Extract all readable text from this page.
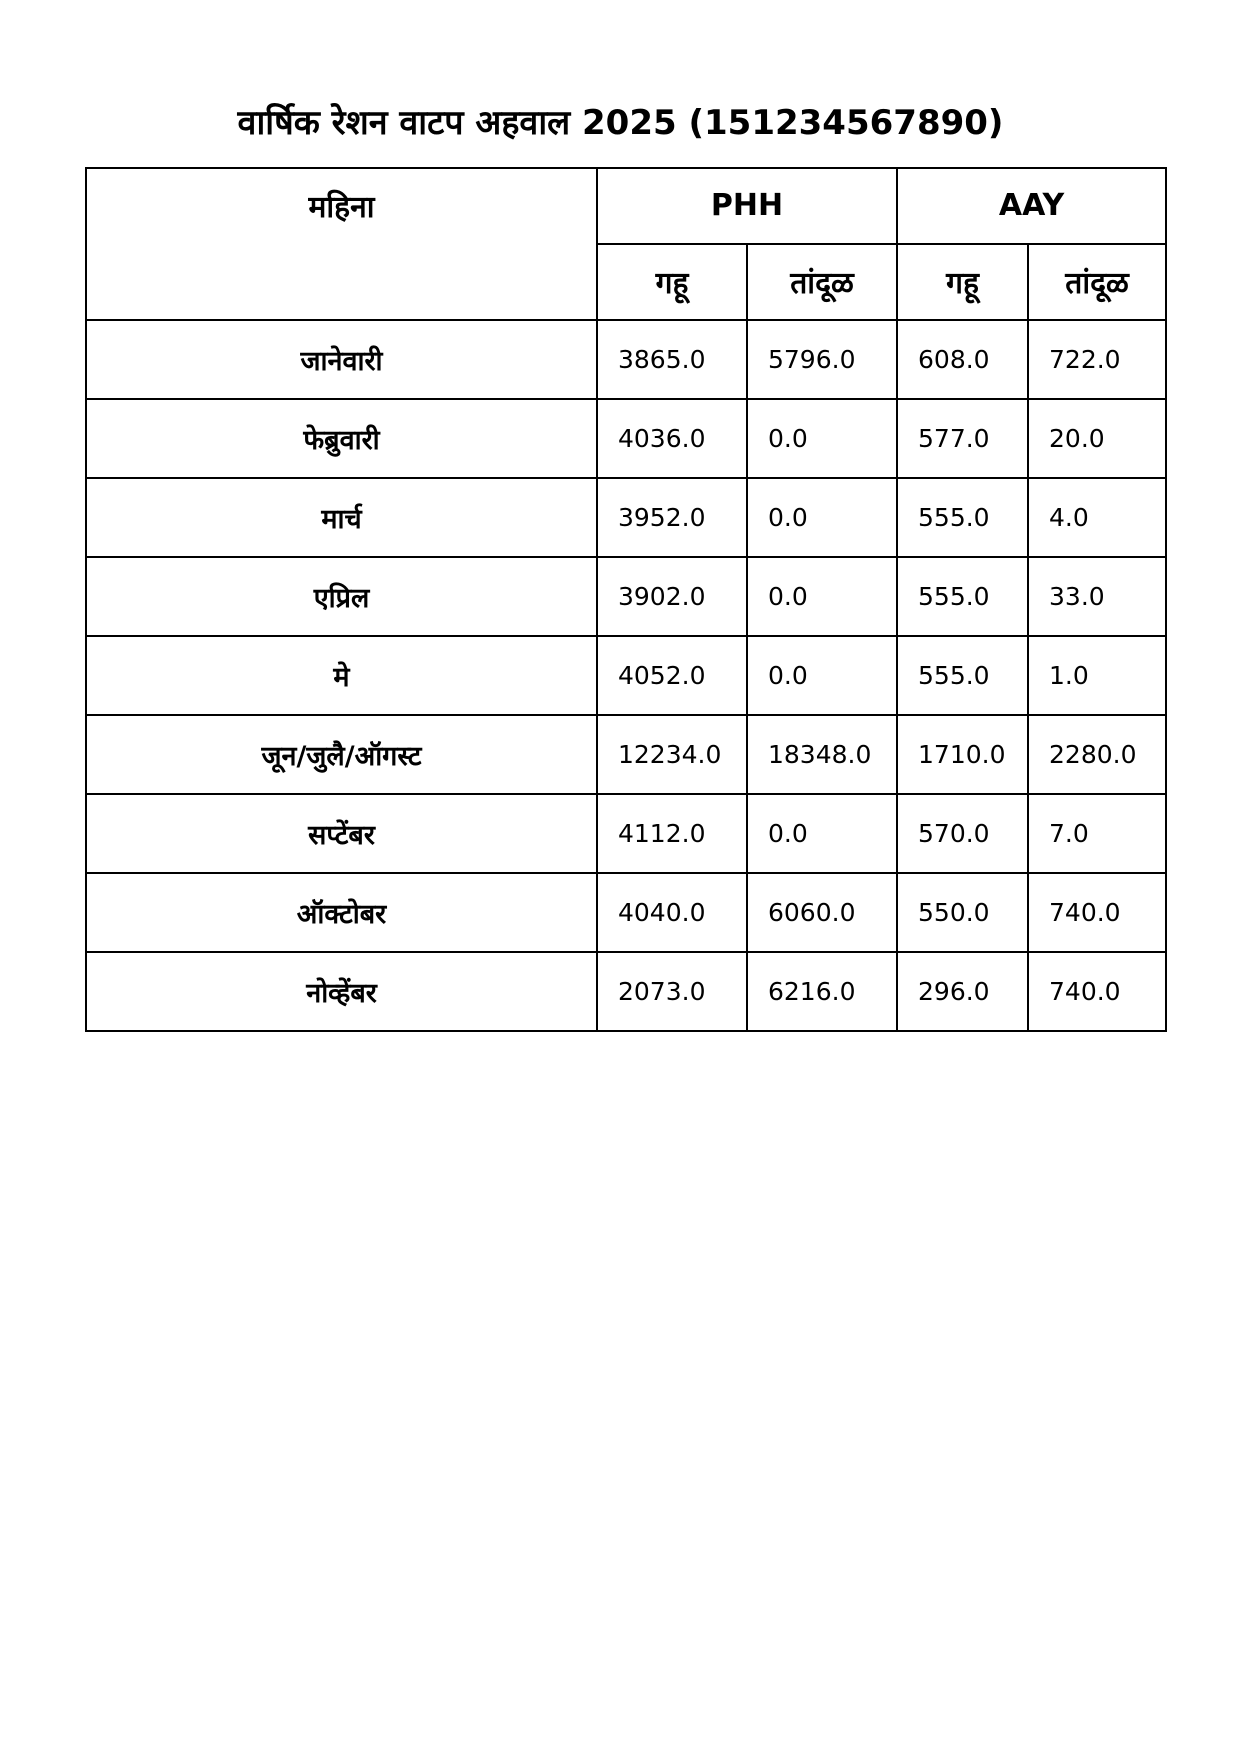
वार्षिक रेशन वाटप अहवाल 2025 (151234567890)
महिना	PHH		AAY	
	गहू	तांदूळ	गहू	तांदूळ
जानेवारी	3865.0	5796.0	608.0	722.0
फेब्रुवारी	4036.0	0.0	577.0	20.0
मार्च	3952.0	0.0	555.0	4.0
एप्रिल	3902.0	0.0	555.0	33.0
मे	4052.0	0.0	555.0	1.0
जून/जुलै/ऑगस्ट	12234.0	18348.0	1710.0	2280.0
सप्टेंबर	4112.0	0.0	570.0	7.0
ऑक्टोबर	4040.0	6060.0	550.0	740.0
नोव्हेंबर	2073.0	6216.0	296.0	740.0
